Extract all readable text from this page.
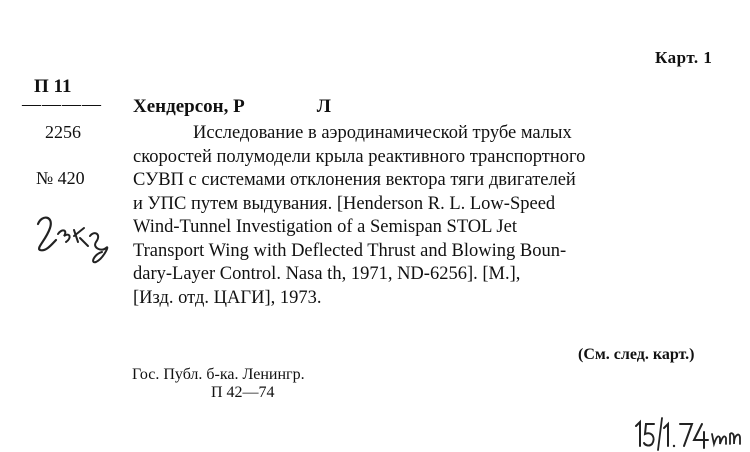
Карт. 1
П 11
————
2256
№ 420
Хендерсон, Р	Л
Исследование в аэродинамической трубе малых
скоростей полумодели крыла реактивного транспортного
СУВП с системами отклонения вектора тяги двигателей
и УПС путем выдувания. [Henderson R. L. Low-Speed
Wind-Tunnel Investigation of a Semispan STOL Jet
Transport Wing with Deflected Thrust and Blowing Boun-
dary-Layer Control. Nasa th, 1971, ND-6256]. [M.],
[Изд. отд. ЦАГИ], 1973.
(См. след. карт.)
Гос. Публ. б-ка. Ленингр.
П 42—74
